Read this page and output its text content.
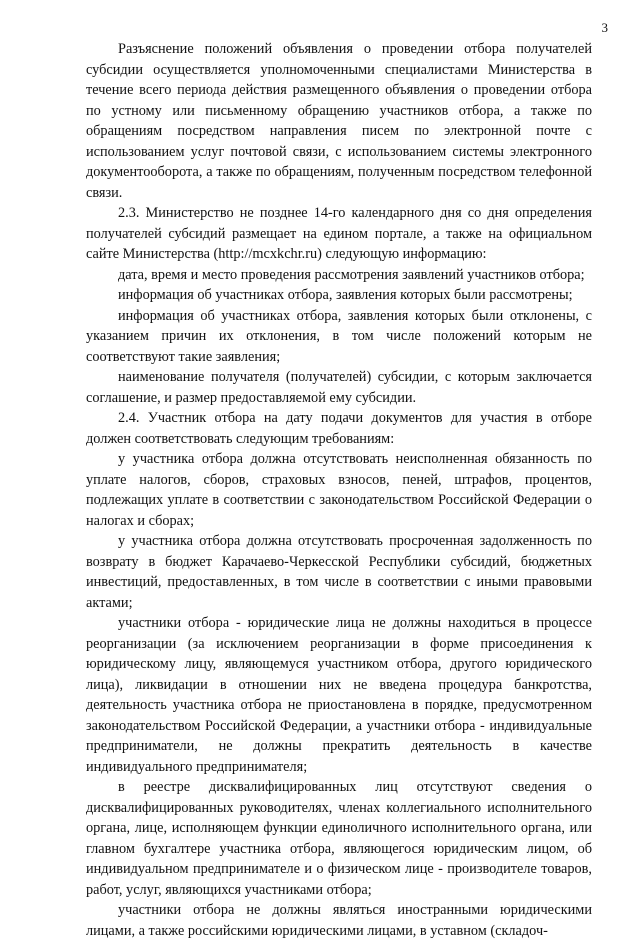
3

Разъяснение положений объявления о проведении отбора получателей субсидии осуществляется уполномоченными специалистами Министерства в течение всего периода действия размещенного объявления о проведении отбора по устному или письменному обращению участников отбора, а также по обращениям посредством направления писем по электронной почте с использованием услуг почтовой связи, с использованием системы электронного документооборота, а также по обращениям, полученным посредством телефонной связи.

2.3. Министерство не позднее 14-го календарного дня со дня определения получателей субсидий размещает на едином портале, а также на официальном сайте Министерства (http://mcxkchr.ru) следующую информацию:

дата, время и место проведения рассмотрения заявлений участников отбора;

информация об участниках отбора, заявления которых были рассмотрены;

информация об участниках отбора, заявления которых были отклонены, с указанием причин их отклонения, в том числе положений которым не соответствуют такие заявления;

наименование получателя (получателей) субсидии, с которым заключается соглашение, и размер предоставляемой ему субсидии.

2.4. Участник отбора на дату подачи документов для участия в отборе должен соответствовать следующим требованиям:

у участника отбора должна отсутствовать неисполненная обязанность по уплате налогов, сборов, страховых взносов, пеней, штрафов, процентов, подлежащих уплате в соответствии с законодательством Российской Федерации о налогах и сборах;

у участника отбора должна отсутствовать просроченная задолженность по возврату в бюджет Карачаево-Черкесской Республики субсидий, бюджетных инвестиций, предоставленных, в том числе в соответствии с иными правовыми актами;

участники отбора - юридические лица не должны находиться в процессе реорганизации (за исключением реорганизации в форме присоединения к юридическому лицу, являющемуся участником отбора, другого юридического лица), ликвидации в отношении них не введена процедура банкротства, деятельность участника отбора не приостановлена в порядке, предусмотренном законодательством Российской Федерации, а участники отбора - индивидуальные предприниматели, не должны прекратить деятельность в качестве индивидуального предпринимателя;

в реестре дисквалифицированных лиц отсутствуют сведения о дисквалифицированных руководителях, членах коллегиального исполнительного органа, лице, исполняющем функции единоличного исполнительного органа, или главном бухгалтере участника отбора, являющегося юридическим лицом, об индивидуальном предпринимателе и о физическом лице - производителе товаров, работ, услуг, являющихся участниками отбора;

участники отбора не должны являться иностранными юридическими лицами, а также российскими юридическими лицами, в уставном (складоч-
